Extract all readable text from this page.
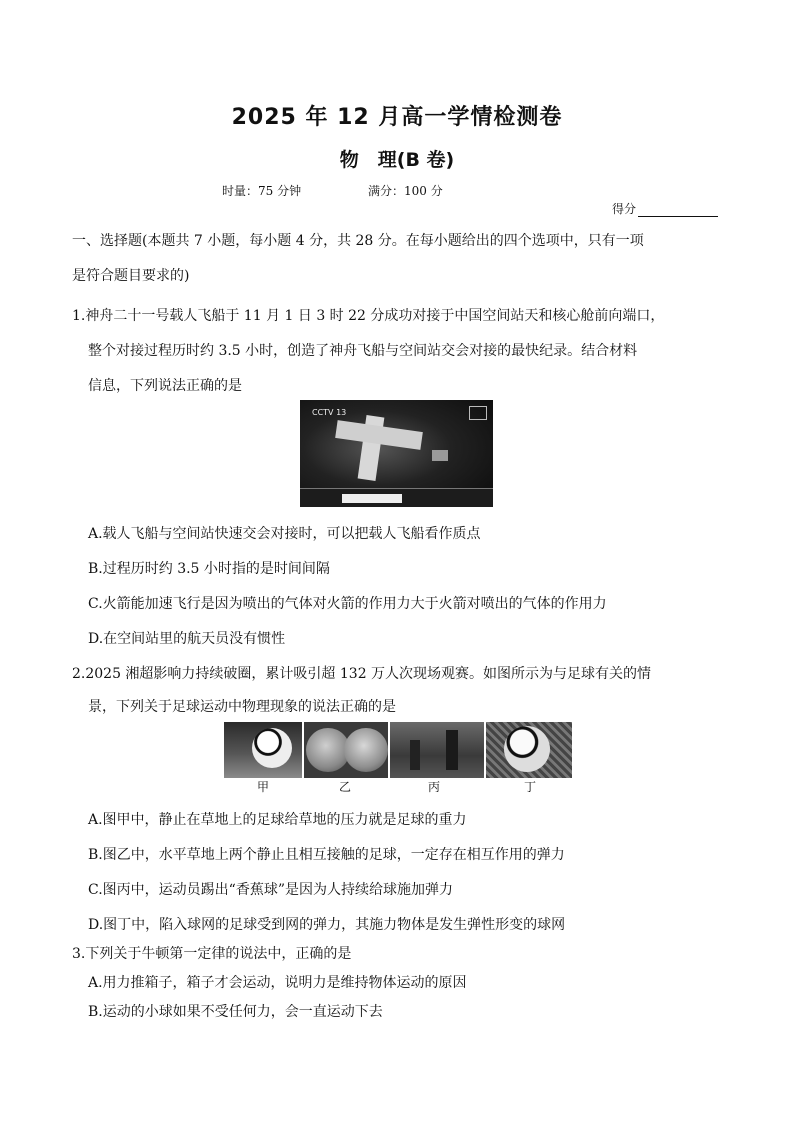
2025 年 12 月高一学情检测卷
物　理(B 卷)
时量：75 分钟	满分：100 分
得分
一、选择题(本题共 7 小题，每小题 4 分，共 28 分。在每小题给出的四个选项中，只有一项
是符合题目要求的)
1.神舟二十一号载人飞船于 11 月 1 日 3 时 22 分成功对接于中国空间站天和核心舱前向端口，
整个对接过程历时约 3.5 小时，创造了神舟飞船与空间站交会对接的最快纪录。结合材料
信息，下列说法正确的是
CCTV 13
A.载人飞船与空间站快速交会对接时，可以把载人飞船看作质点
B.过程历时约 3.5 小时指的是时间间隔
C.火箭能加速飞行是因为喷出的气体对火箭的作用力大于火箭对喷出的气体的作用力
D.在空间站里的航天员没有惯性
2.2025 湘超影响力持续破圈，累计吸引超 132 万人次现场观赛。如图所示为与足球有关的情
景，下列关于足球运动中物理现象的说法正确的是
甲	乙	丙	丁
A.图甲中，静止在草地上的足球给草地的压力就是足球的重力
B.图乙中，水平草地上两个静止且相互接触的足球，一定存在相互作用的弹力
C.图丙中，运动员踢出“香蕉球”是因为人持续给球施加弹力
D.图丁中，陷入球网的足球受到网的弹力，其施力物体是发生弹性形变的球网
3.下列关于牛顿第一定律的说法中，正确的是
A.用力推箱子，箱子才会运动，说明力是维持物体运动的原因
B.运动的小球如果不受任何力，会一直运动下去
